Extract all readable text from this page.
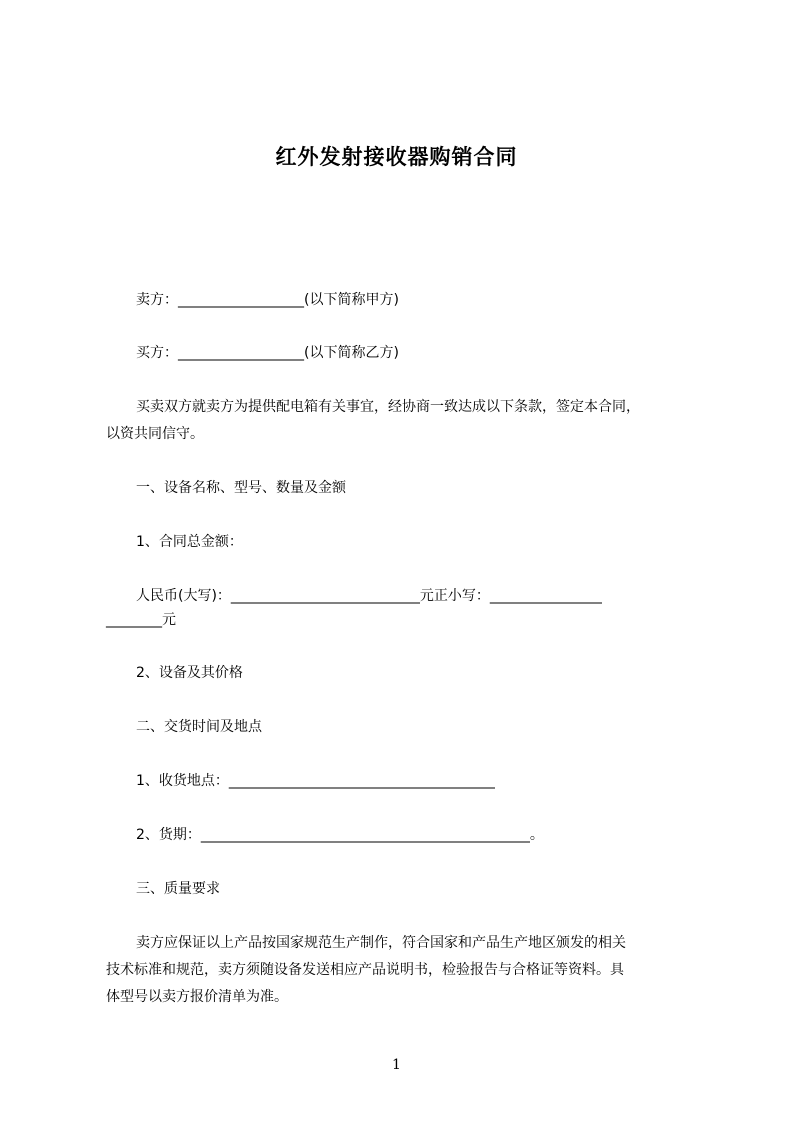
红外发射接收器购销合同
卖方：__________________(以下简称甲方)
买方：__________________(以下简称乙方)
买卖双方就卖方为提供配电箱有关事宜，经协商一致达成以下条款，签定本合同，
以资共同信守。
一、设备名称、型号、数量及金额
1、合同总金额：
人民币(大写)：___________________________元正小写：________________
________元
2、设备及其价格
二、交货时间及地点
1、收货地点：______________________________________
2、货期：_______________________________________________。
三、质量要求
卖方应保证以上产品按国家规范生产制作，符合国家和产品生产地区颁发的相关
技术标准和规范，卖方须随设备发送相应产品说明书，检验报告与合格证等资料。具
体型号以卖方报价清单为准。
1
